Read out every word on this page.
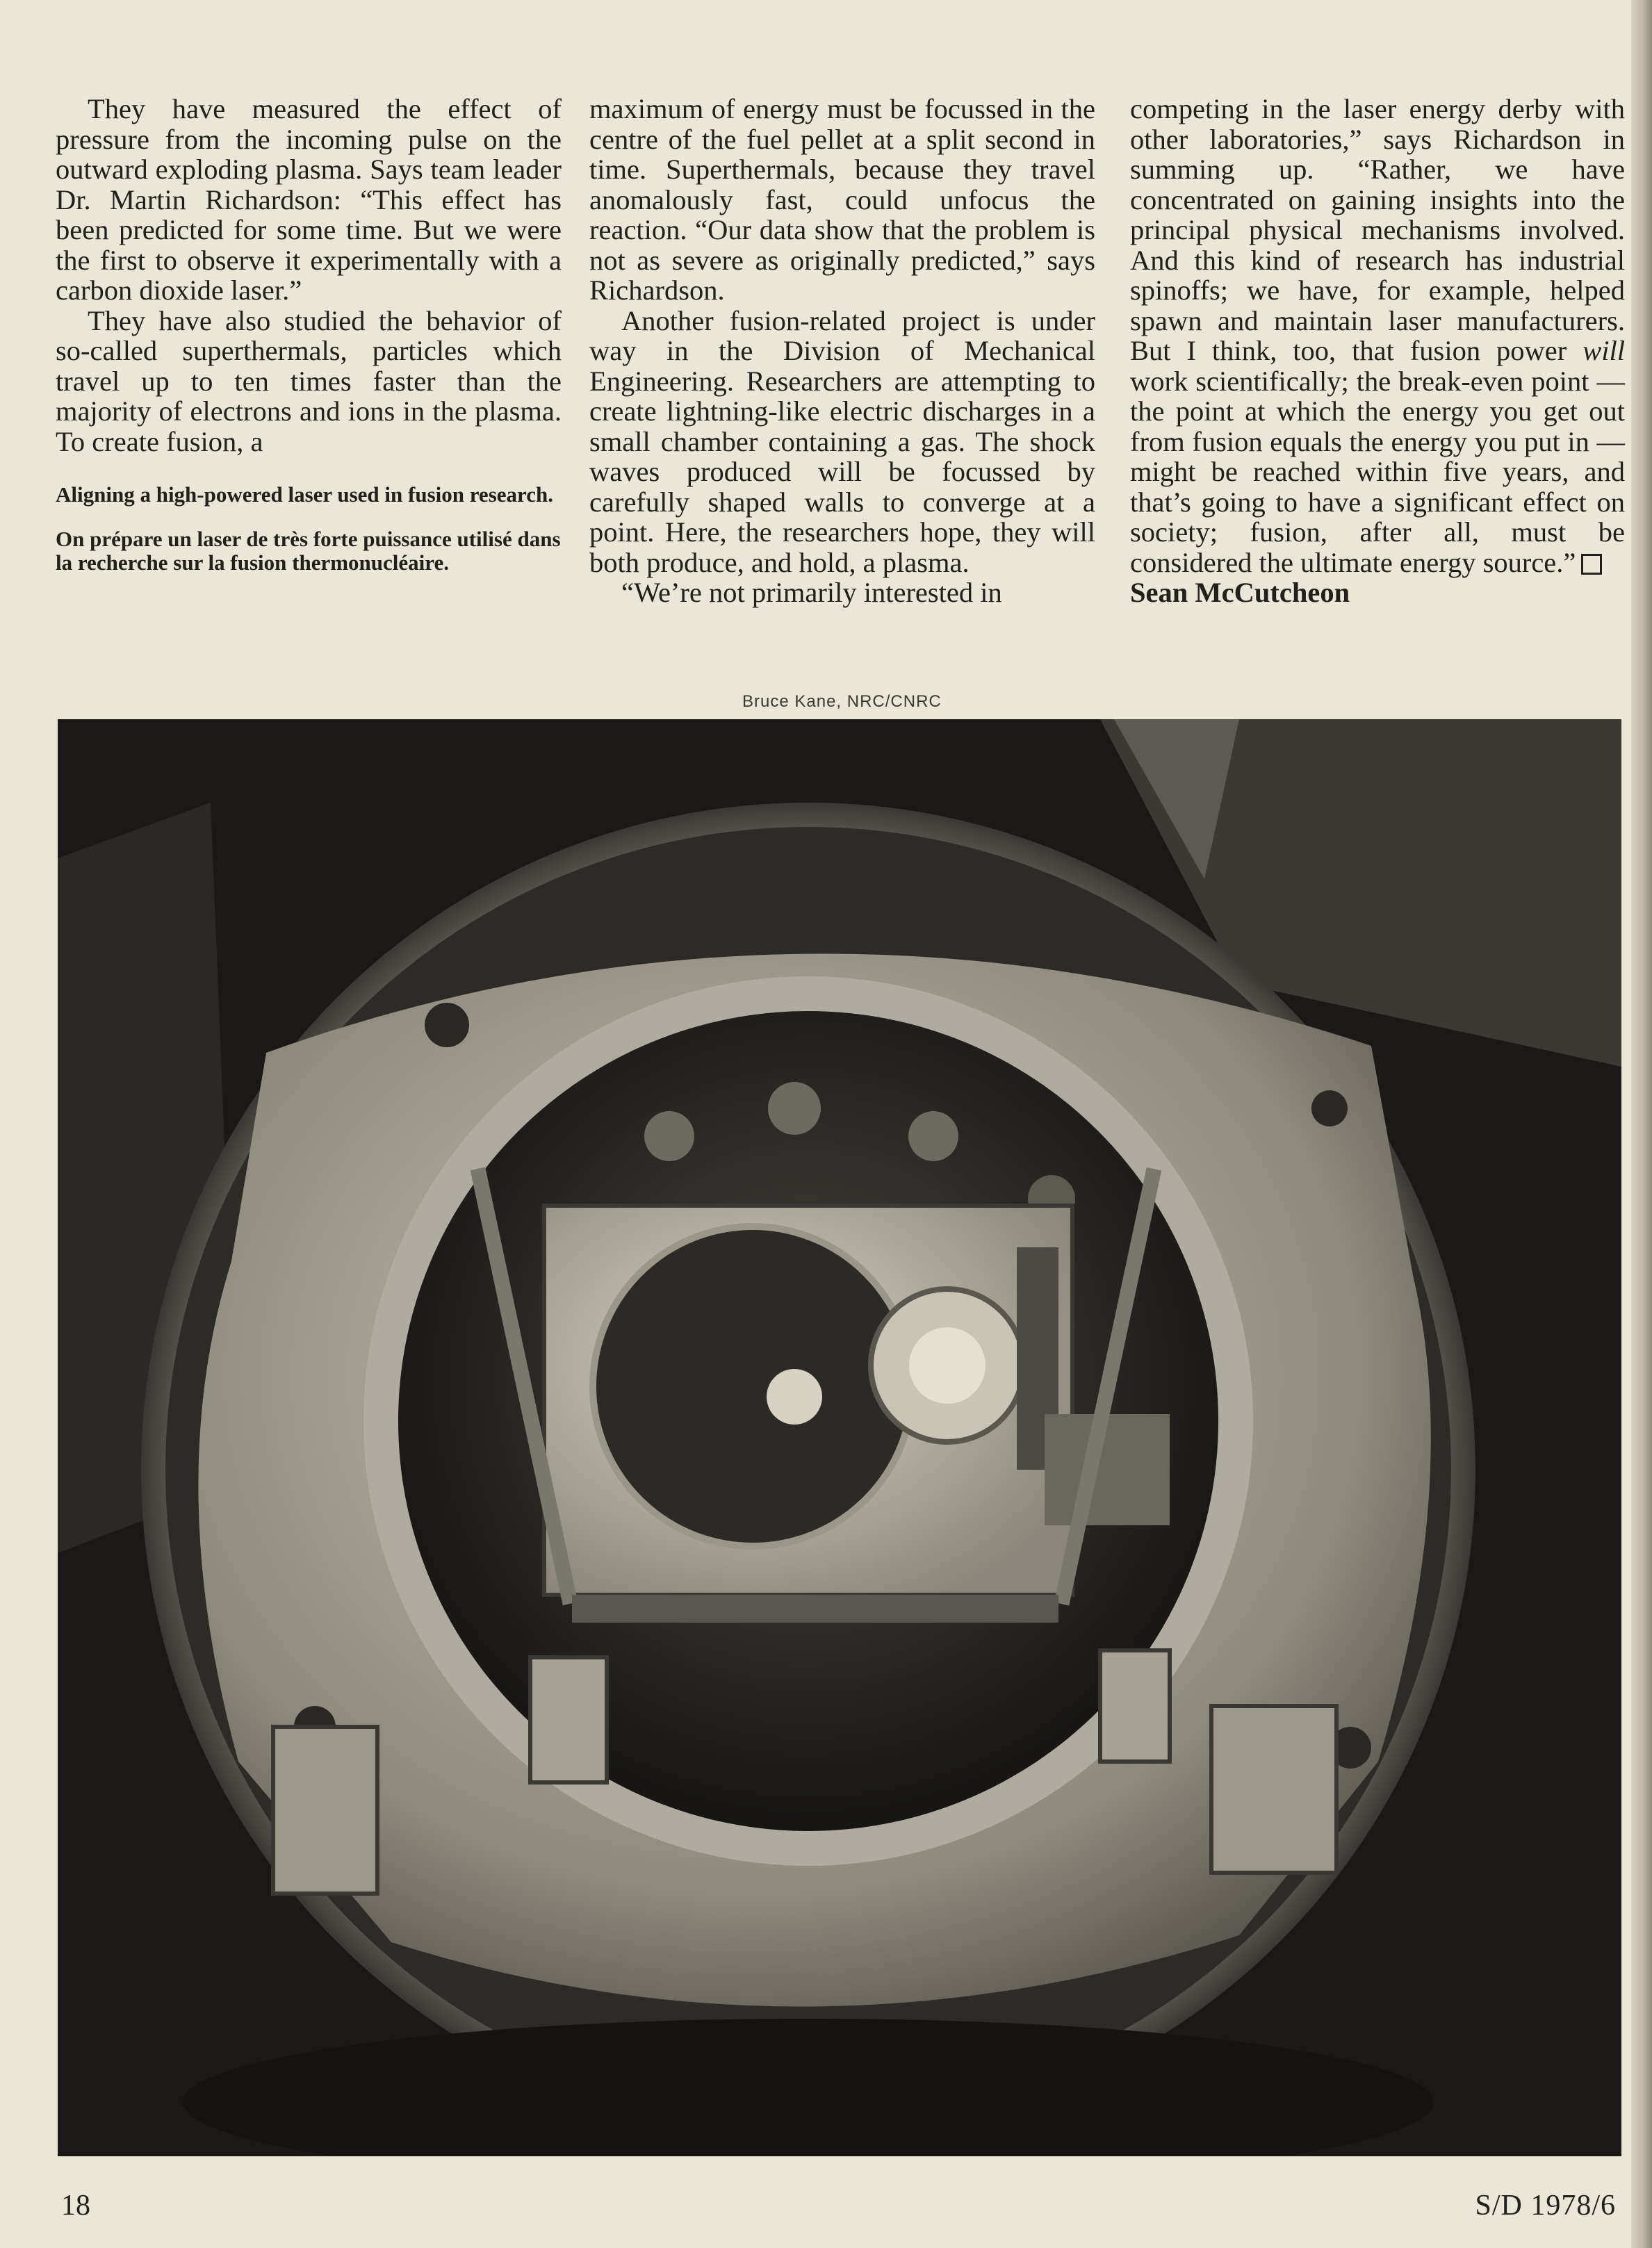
They have measured the effect of pressure from the incoming pulse on the outward exploding plasma. Says team leader Dr. Martin Richardson: “This effect has been predicted for some time. But we were the first to observe it experimentally with a carbon dioxide laser.”

They have also studied the behavior of so-called superthermals, particles which travel up to ten times faster than the majority of electrons and ions in the plasma. To create fusion, a

Aligning a high-powered laser used in fusion research.
On prépare un laser de très forte puissance utilisé dans la recherche sur la fusion thermonucléaire.

maximum of energy must be focussed in the centre of the fuel pellet at a split second in time. Superthermals, because they travel anomalously fast, could unfocus the reaction. “Our data show that the problem is not as severe as originally predicted,” says Richardson.

Another fusion-related project is under way in the Division of Mechanical Engineering. Researchers are attempting to create lightning-like electric discharges in a small chamber containing a gas. The shock waves produced will be focussed by carefully shaped walls to converge at a point. Here, the researchers hope, they will both produce, and hold, a plasma.

“We’re not primarily interested in

competing in the laser energy derby with other laboratories,” says Richardson in summing up. “Rather, we have concentrated on gaining insights into the principal physical mechanisms involved. And this kind of research has industrial spinoffs; we have, for example, helped spawn and maintain laser manufacturers. But I think, too, that fusion power will work scientifically; the break-even point — the point at which the energy you get out from fusion equals the energy you put in — might be reached within five years, and that’s going to have a significant effect on society; fusion, after all, must be considered the ultimate energy source.”

Sean McCutcheon

Bruce Kane, NRC/CNRC
18	S/D 1978/6
